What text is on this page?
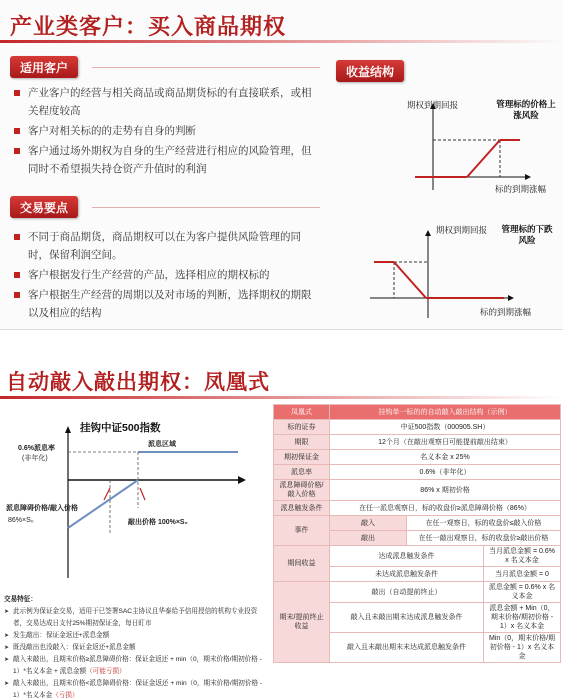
产业类客户：买入商品期权
适用客户
产业客户的经营与相关商品或商品期货标的有直接联系，或相关程度较高
客户对相关标的的走势有自身的判断
客户通过场外期权为自身的生产经营进行相应的风险管理，但同时不希望损失持仓资产升值时的利润
交易要点
不同于商品期货，商品期权可以在为客户提供风险管理的同时，保留利润空间。
客户根据发行生产经营的产品，选择相应的期权标的
客户根据生产经营的周期以及对市场的判断，选择期权的期限以及相应的结构
收益结构
期权到期回报	管理标的价格上涨风险
标的到期涨幅
期权到期回报	管理标的下跌风险
标的到期涨幅
自动敲入敲出期权：凤凰式
挂钩中证500指数
0.6%派息率
(非年化)
派息区域
派息障碍价格/敲入价格
86%×S₀	敲出价格 100%×S₀
交易特征：
➤ 此示例为保证金交易，适用于已签署SAC主协议且华泰给予信用授信的机构专业投资者，交易达成日支付25%期初保证金，每日盯市
➤ 发生敲出：保证金返还+派息金额
➤ 既没敲出也没敲入：保证金返还+派息金额
➤ 敲入未敲出，且期末价格≥派息障碍价格：保证金返还 + min（0，期末价格/期初价格 - 1）*名义本金 + 派息金额（可能亏损）
➤ 敲入未敲出，且期末价格<派息障碍价格：保证金返还 + min（0，期末价格/期初价格 - 1）*名义本金（亏损）
凤凰式	挂钩单一标的的自动敲入敲出结构（示例）		
标的证券	中证500指数（000905.SH）		
期限	12个月（在敲出观察日可能提前敲出结束）		
期初保证金	名义本金 x 25%		
派息率	0.6%（非年化）		
派息障碍价格/敲入价格	86% x 期初价格		
派息触发条件	在任一派息观察日，标的收盘价≥派息障碍价格（86%）		
事件	敲入	在任一观察日，标的收盘价≤敲入价格	
	敲出	在任一敲出观察日，标的收盘价≥敲出价格	
期间收益	达成派息触发条件		当月派息金额 = 0.6% x 名义本金
	未达成派息触发条件		当月派息金额 = 0
期末/提前终止收益	敲出（自动提前终止）		派息金额 = 0.6% x 名义本金
	敲入且未敲出期末达成派息触发条件		派息金额 + Min（0，期末价格/期初价格 - 1）x 名义本金
	敲入且未敲出期末未达成派息触发条件		Min（0，期末价格/期初价格 - 1）x 名义本金
